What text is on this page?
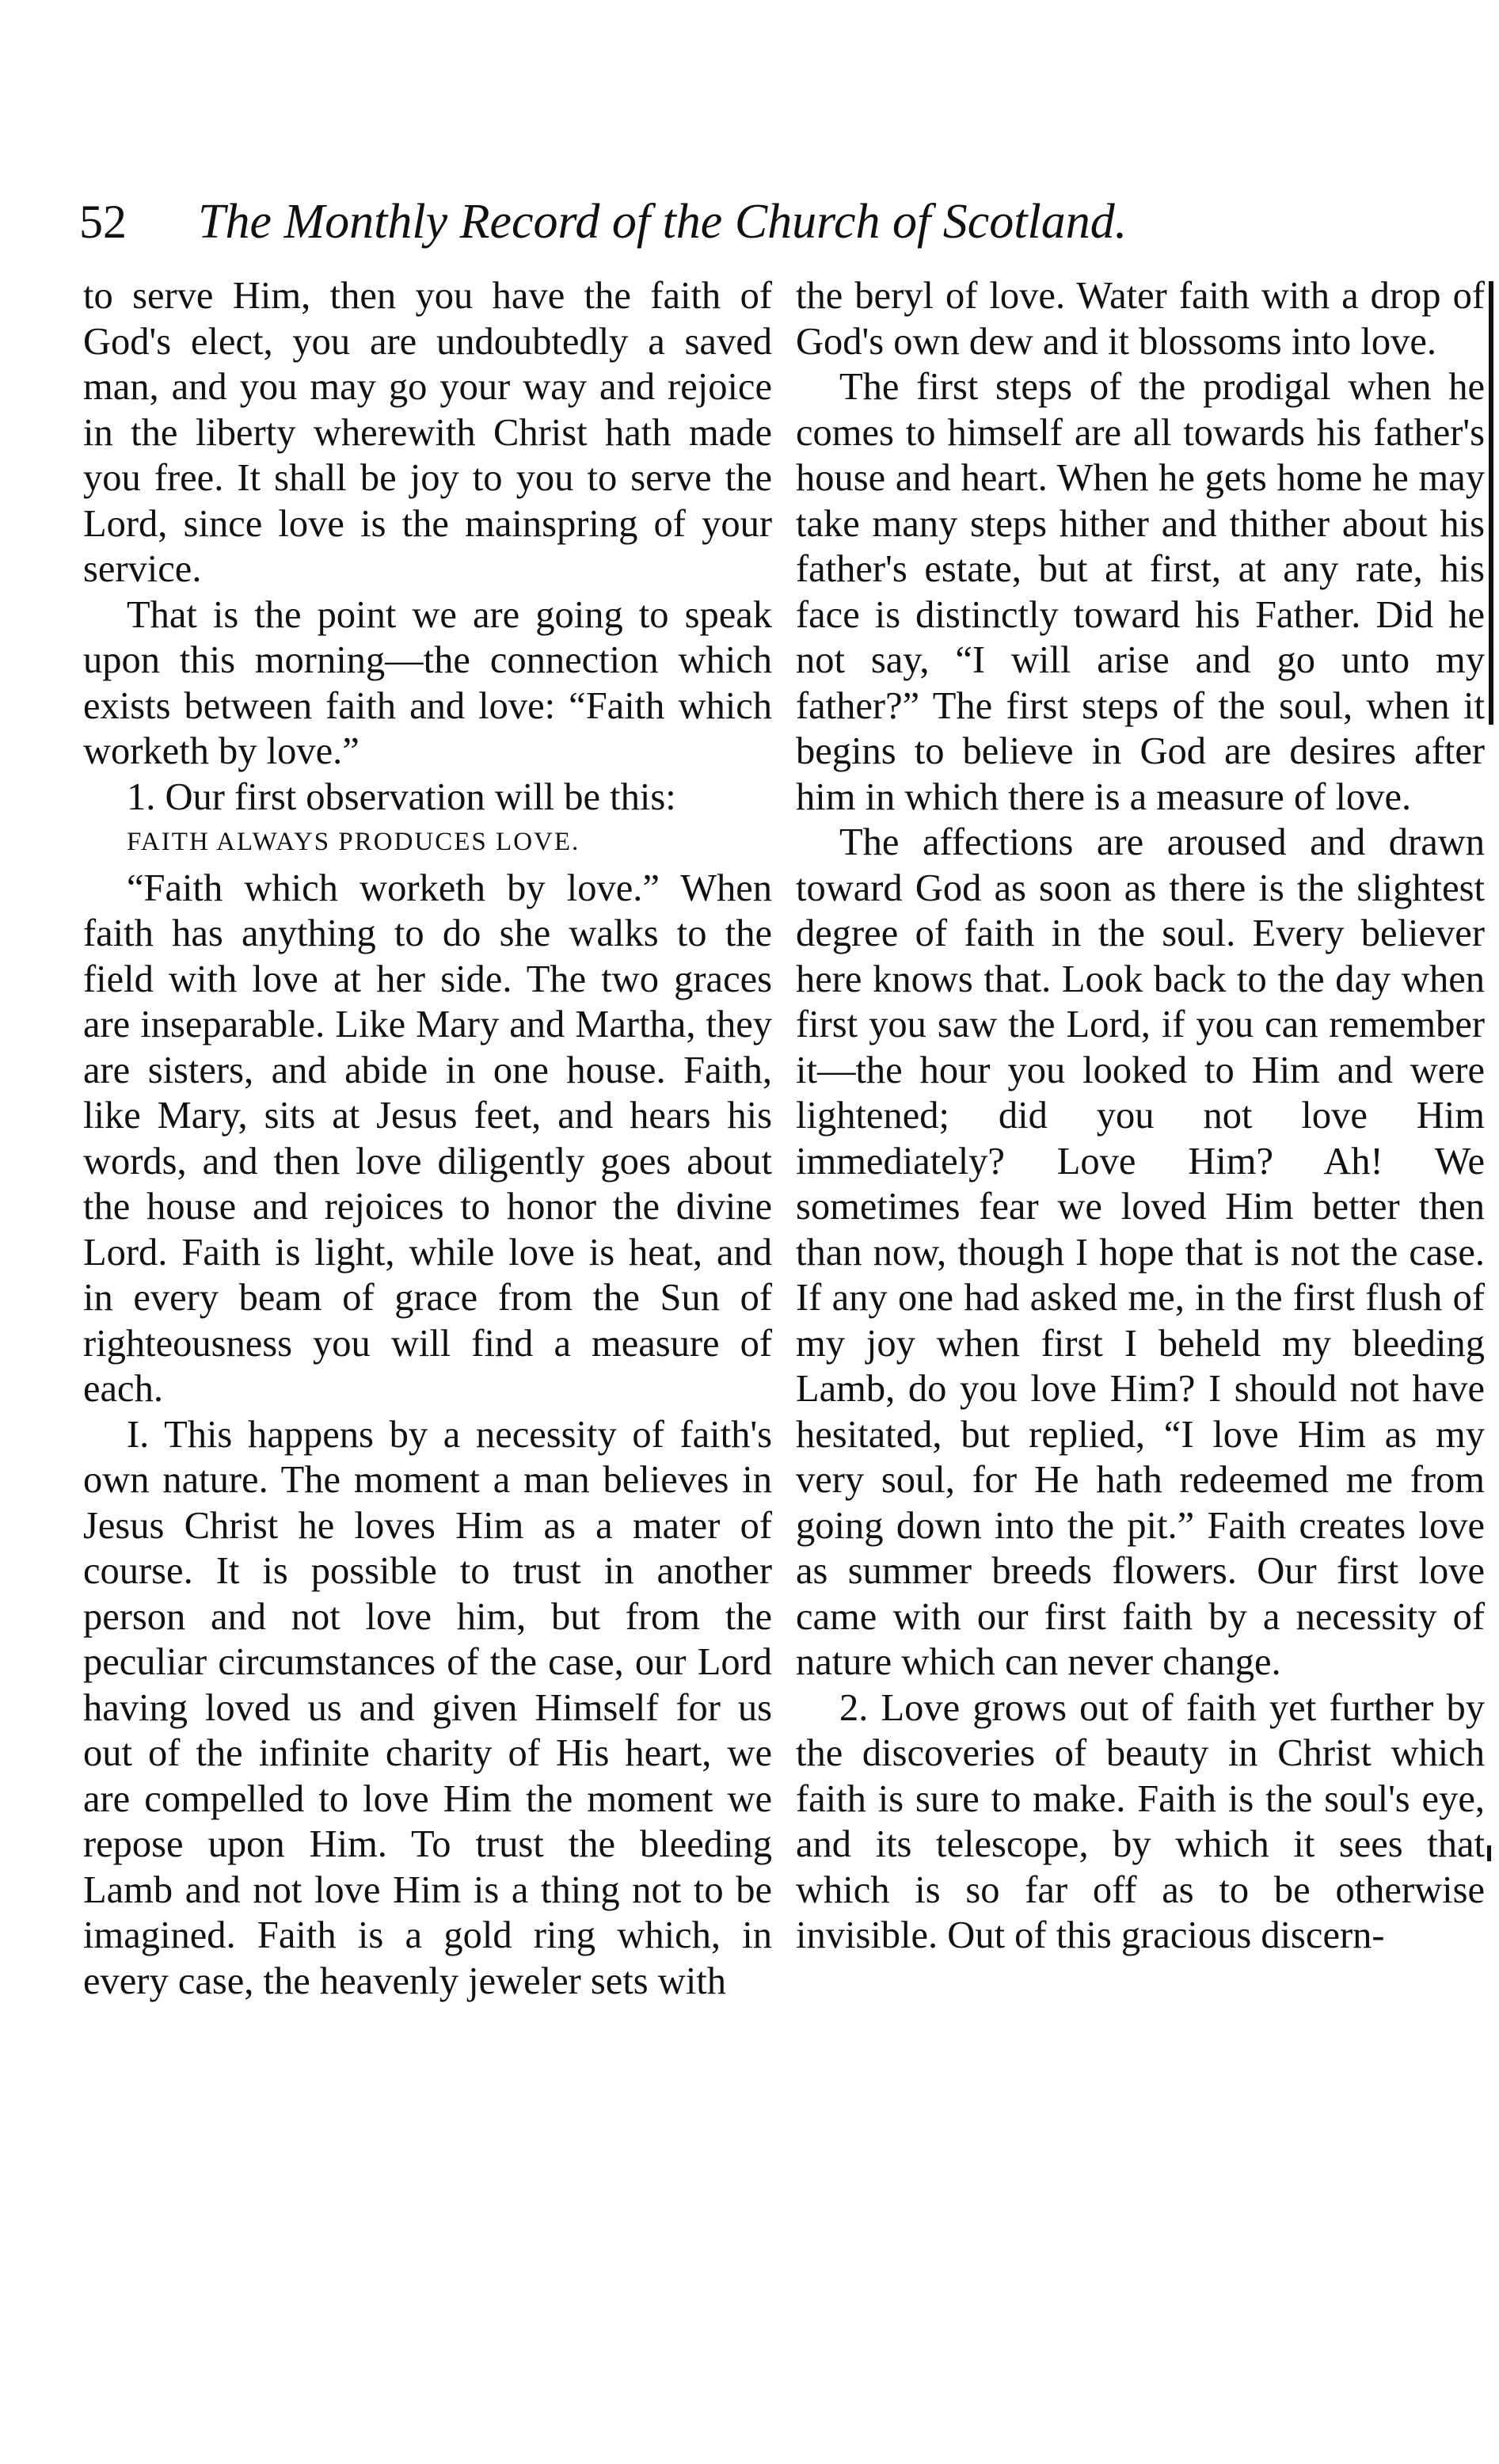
52 The Monthly Record of the Church of Scotland.

to serve Him, then you have the faith of God's elect, you are undoubtedly a saved man, and you may go your way and rejoice in the liberty wherewith Christ hath made you free. It shall be joy to you to serve the Lord, since love is the mainspring of your service.

That is the point we are going to speak upon this morning—the connection which exists between faith and love: “Faith which worketh by love.”

1. Our first observation will be this:

FAITH ALWAYS PRODUCES LOVE.

“Faith which worketh by love.” When faith has anything to do she walks to the field with love at her side. The two graces are inseparable. Like Mary and Martha, they are sisters, and abide in one house. Faith, like Mary, sits at Jesus feet, and hears his words, and then love diligently goes about the house and rejoices to honor the divine Lord. Faith is light, while love is heat, and in every beam of grace from the Sun of righteousness you will find a measure of each.

I. This happens by a necessity of faith's own nature. The moment a man believes in Jesus Christ he loves Him as a mater of course. It is possible to trust in another person and not love him, but from the peculiar circumstances of the case, our Lord having loved us and given Himself for us out of the infinite charity of His heart, we are compelled to love Him the moment we repose upon Him. To trust the bleeding Lamb and not love Him is a thing not to be imagined. Faith is a gold ring which, in every case, the heavenly jeweler sets with

the beryl of love. Water faith with a drop of God's own dew and it blossoms into love.

The first steps of the prodigal when he comes to himself are all towards his father's house and heart. When he gets home he may take many steps hither and thither about his father's estate, but at first, at any rate, his face is distinctly toward his Father. Did he not say, “I will arise and go unto my father?” The first steps of the soul, when it begins to believe in God are desires after him in which there is a measure of love.

The affections are aroused and drawn toward God as soon as there is the slightest degree of faith in the soul. Every believer here knows that. Look back to the day when first you saw the Lord, if you can remember it—the hour you looked to Him and were lightened; did you not love Him immediately? Love Him? Ah! We sometimes fear we loved Him better then than now, though I hope that is not the case. If any one had asked me, in the first flush of my joy when first I beheld my bleeding Lamb, do you love Him? I should not have hesitated, but replied, “I love Him as my very soul, for He hath redeemed me from going down into the pit.” Faith creates love as summer breeds flowers. Our first love came with our first faith by a necessity of nature which can never change.

2. Love grows out of faith yet further by the discoveries of beauty in Christ which faith is sure to make. Faith is the soul's eye, and its telescope, by which it sees that which is so far off as to be otherwise invisible. Out of this gracious discern-
